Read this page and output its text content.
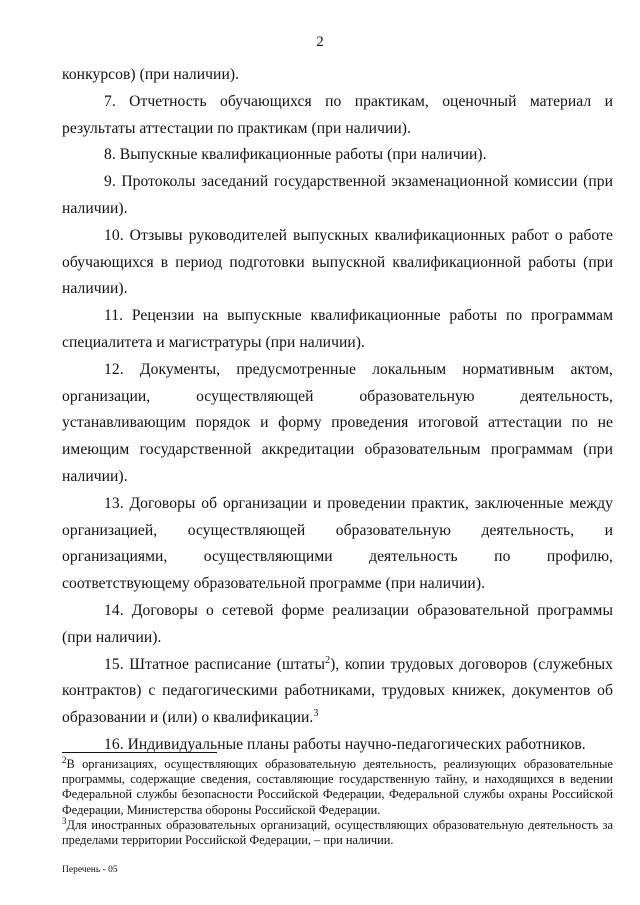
2

конкурсов) (при наличии).

7. Отчетность обучающихся по практикам, оценочный материал и результаты аттестации по практикам (при наличии).

8. Выпускные квалификационные работы (при наличии).

9. Протоколы заседаний государственной экзаменационной комиссии (при наличии).

10. Отзывы руководителей выпускных квалификационных работ о работе обучающихся в период подготовки выпускной квалификационной работы (при наличии).

11. Рецензии на выпускные квалификационные работы по программам специалитета и магистратуры (при наличии).

12. Документы, предусмотренные локальным нормативным актом, организации, осуществляющей образовательную деятельность, устанавливающим порядок и форму проведения итоговой аттестации по не имеющим государственной аккредитации образовательным программам (при наличии).

13. Договоры об организации и проведении практик, заключенные между организацией, осуществляющей образовательную деятельность, и организациями, осуществляющими деятельность по профилю, соответствующему образовательной программе (при наличии).

14. Договоры о сетевой форме реализации образовательной программы (при наличии).

15. Штатное расписание (штаты$^2$), копии трудовых договоров (служебных контрактов) с педагогическими работниками, трудовых книжек, документов об образовании и (или) о квалификации.$^3$

16. Индивидуальные планы работы научно-педагогических работников.

$^2$В организациях, осуществляющих образовательную деятельность, реализующих образовательные программы, содержащие сведения, составляющие государственную тайну, и находящихся в ведении Федеральной службы безопасности Российской Федерации, Федеральной службы охраны Российской Федерации, Министерства обороны Российской Федерации.

$^3$Для иностранных образовательных организаций, осуществляющих образовательную деятельность за пределами территории Российской Федерации, – при наличии.

Перечень - 05
